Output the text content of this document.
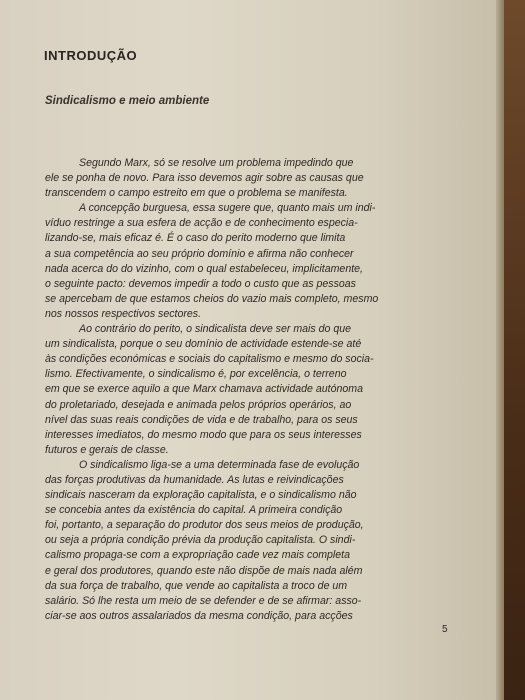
INTRODUÇÃO
Sindicalismo e meio ambiente
Segundo Marx, só se resolve um problema impedindo que
ele se ponha de novo. Para isso devemos agir sobre as causas que
transcendem o campo estreito em que o problema se manifesta.
A concepção burguesa, essa sugere que, quanto mais um indi-
víduo restringe a sua esfera de acção e de conhecimento especia-
lizando-se, mais eficaz é. É o caso do perito moderno que limita
a sua competência ao seu próprio domínio e afirma não conhecer
nada acerca do do vizinho, com o qual estabeleceu, implicitamente,
o seguinte pacto: devemos impedir a todo o custo que as pessoas
se apercebam de que estamos cheios do vazio mais completo, mesmo
nos nossos respectivos sectores.
Ao contrário do perito, o sindicalista deve ser mais do que
um sindicalista, porque o seu domínio de actividade estende-se até
às condições económicas e sociais do capitalismo e mesmo do socia-
lismo. Efectivamente, o sindicalismo é, por excelência, o terreno
em que se exerce aquilo a que Marx chamava actividade autónoma
do proletariado, desejada e animada pelos próprios operários, ao
nível das suas reais condições de vida e de trabalho, para os seus
interesses imediatos, do mesmo modo que para os seus interesses
futuros e gerais de classe.
O sindicalismo liga-se a uma determinada fase de evolução
das forças produtivas da humanidade. As lutas e reivindicações
sindicais nasceram da exploração capitalista, e o sindicalismo não
se concebia antes da existência do capital. A primeira condição
foi, portanto, a separação do produtor dos seus meios de produção,
ou seja a própria condição prévia da produção capitalista. O sindi-
calismo propaga-se com a expropriação cade vez mais completa
e geral dos produtores, quando este não dispõe de mais nada além
da sua força de trabalho, que vende ao capitalista a troco de um
salário. Só lhe resta um meio de se defender e de se afirmar: asso-
ciar-se aos outros assalariados da mesma condição, para acções
5
